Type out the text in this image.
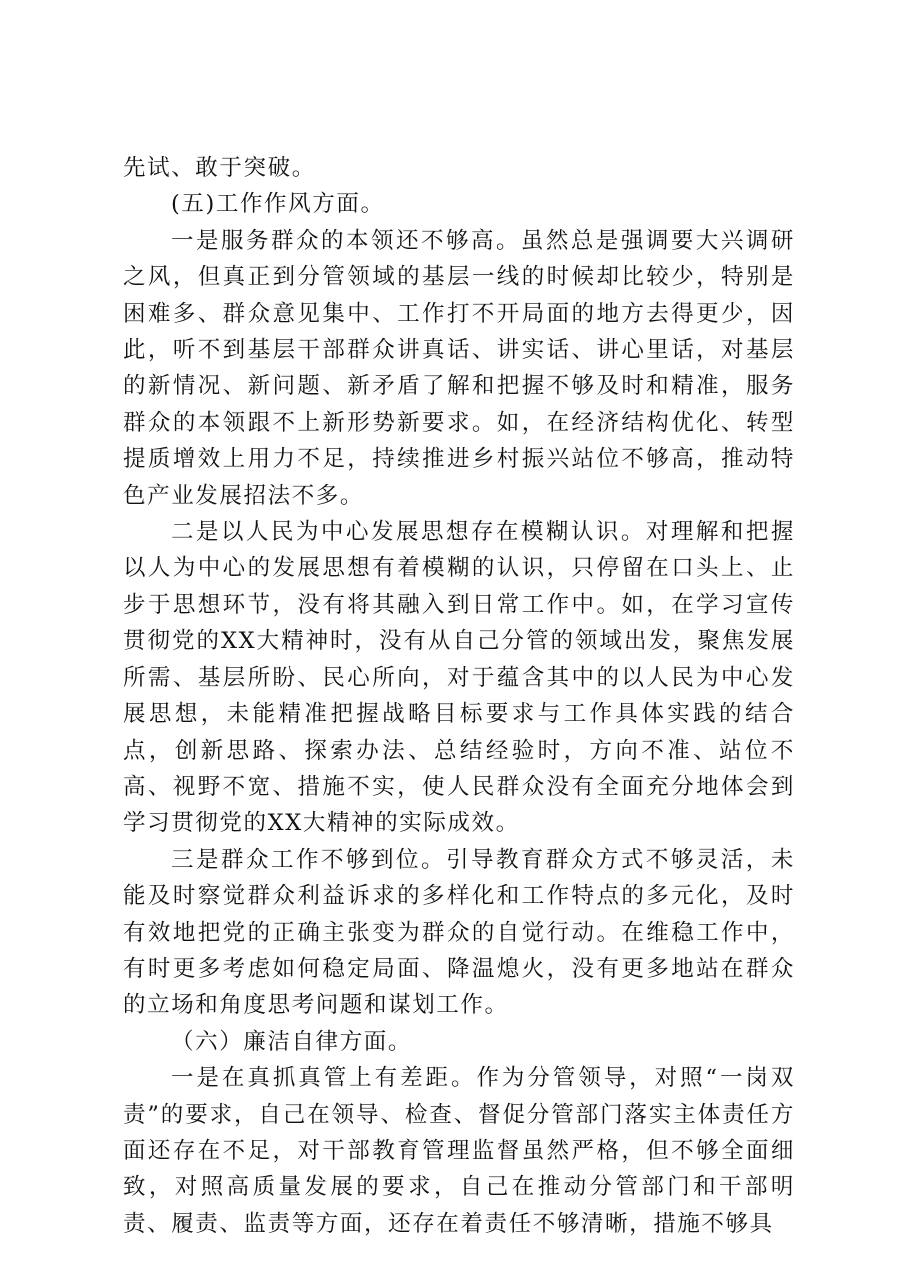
先试、敢于突破。

(五)工作作风方面。

一是服务群众的本领还不够高。虽然总是强调要大兴调研之风，但真正到分管领域的基层一线的时候却比较少，特别是困难多、群众意见集中、工作打不开局面的地方去得更少，因此，听不到基层干部群众讲真话、讲实话、讲心里话，对基层的新情况、新问题、新矛盾了解和把握不够及时和精准，服务群众的本领跟不上新形势新要求。如，在经济结构优化、转型提质增效上用力不足，持续推进乡村振兴站位不够高，推动特色产业发展招法不多。

二是以人民为中心发展思想存在模糊认识。对理解和把握以人为中心的发展思想有着模糊的认识，只停留在口头上、止步于思想环节，没有将其融入到日常工作中。如，在学习宣传贯彻党的XX大精神时，没有从自己分管的领域出发，聚焦发展所需、基层所盼、民心所向，对于蕴含其中的以人民为中心发展思想，未能精准把握战略目标要求与工作具体实践的结合点，创新思路、探索办法、总结经验时，方向不准、站位不高、视野不宽、措施不实，使人民群众没有全面充分地体会到学习贯彻党的XX大精神的实际成效。

三是群众工作不够到位。引导教育群众方式不够灵活，未能及时察觉群众利益诉求的多样化和工作特点的多元化，及时有效地把党的正确主张变为群众的自觉行动。在维稳工作中，有时更多考虑如何稳定局面、降温熄火，没有更多地站在群众的立场和角度思考问题和谋划工作。

（六）廉洁自律方面。

一是在真抓真管上有差距。作为分管领导，对照“一岗双责”的要求，自己在领导、检查、督促分管部门落实主体责任方面还存在不足，对干部教育管理监督虽然严格，但不够全面细致，对照高质量发展的要求，自己在推动分管部门和干部明责、履责、监责等方面，还存在着责任不够清晰，措施不够具
